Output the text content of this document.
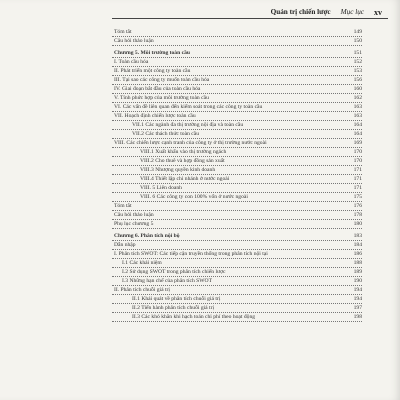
Quản trị chiến lược Mục lục xv
Tóm tắt	149
Câu hỏi thảo luận	150
Chương 5. Môi trường toàn cầu	151
I. Toàn cầu hóa	152
II. Phát triển một công ty toàn cầu	153
III. Tại sao các công ty muốn toàn cầu hóa	156
IV. Giai đoạn bắt đầu của toàn cầu hóa	160
V. Tính phức hợp của môi trường toàn cầu	162
VI. Các vấn đề liên quan đến kiểm soát trong các công ty toàn cầu	163
VII. Hoạch định chiến lược toàn cầu	163
VII.1 Các ngành đa thị trường nội địa và toàn cầu	164
VII.2 Các thách thức toàn cầu	164
VIII. Các chiến lược cạnh tranh của công ty ở thị trường nước ngoài	169
VIII.1 Xuất khẩu vào thị trường ngách	170
VIII.2 Cho thuê và hợp đồng sản xuất	170
VIII.3 Nhượng quyền kinh doanh	171
VIII.4 Thiết lập chi nhánh ở nước ngoài	171
VIII. 5 Liên doanh	171
VIII. 6 Các công ty con 100% vốn ở nước ngoài	175
Tóm tắt	176
Câu hỏi thảo luận	178
Phụ lục chương 5	180
Chương 6. Phân tích nội bộ	183
Dẫn nhập	184
I. Phân tích SWOT: Các tiếp cận truyền thống trong phân tích nội tại	186
I.1 Các khái niệm	188
I.2 Sử dụng SWOT trong phân tích chiến lược	189
I.3 Những hạn chế của phân tích SWOT	190
II. Phân tích chuỗi giá trị	194
II.1 Khái quát về phân tích chuỗi giá trị	194
II.2 Tiến hành phân tích chuỗi giá trị	197
II.3 Các khó khăn khi hạch toán chi phí theo hoạt động	198
